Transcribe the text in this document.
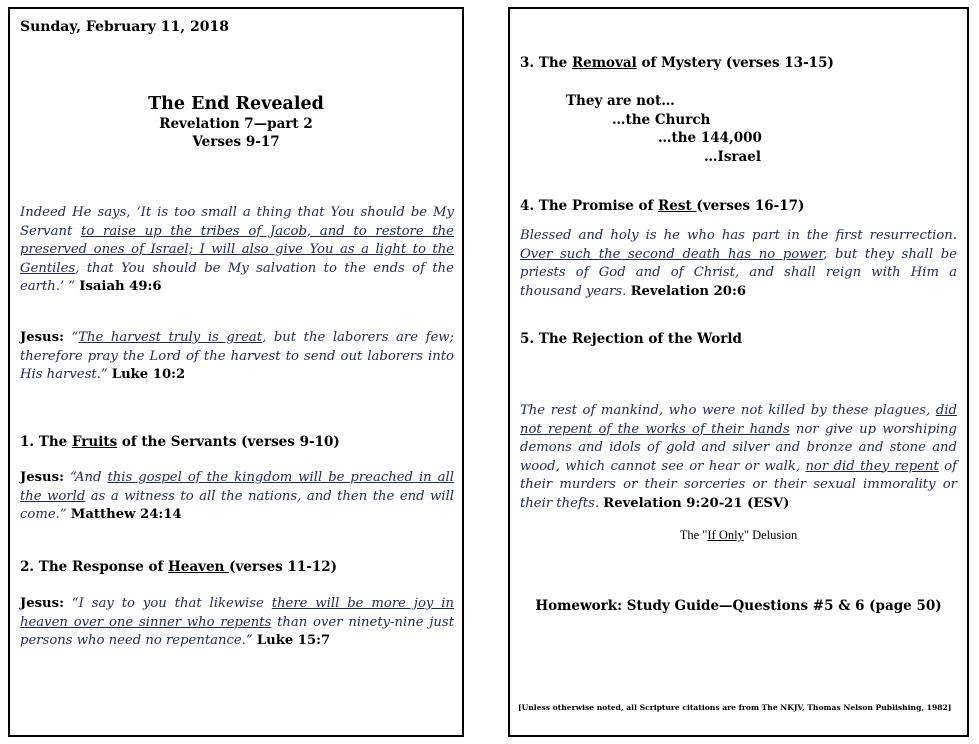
Sunday, February 11, 2018
The End Revealed
Revelation 7—part 2
Verses 9-17

Indeed He says, ‘It is too small a thing that You should be My Servant to raise up the tribes of Jacob, and to restore the preserved ones of Israel; I will also give You as a light to the Gentiles, that You should be My salvation to the ends of the earth.’ ” Isaiah 49:6

Jesus: “The harvest truly is great, but the laborers are few; therefore pray the Lord of the harvest to send out laborers into His harvest.” Luke 10:2

1. The Fruits of the Servants (verses 9-10)

Jesus: “And this gospel of the kingdom will be preached in all the world as a witness to all the nations, and then the end will come.” Matthew 24:14

2. The Response of Heaven (verses 11-12)

Jesus: “I say to you that likewise there will be more joy in heaven over one sinner who repents than over ninety-nine just persons who need no repentance.” Luke 15:7

3. The Removal of Mystery (verses 13-15)
They are not…
…the Church
…the 144,000
…Israel
4. The Promise of Rest (verses 16-17)

Blessed and holy is he who has part in the first resurrection. Over such the second death has no power, but they shall be priests of God and of Christ, and shall reign with Him a thousand years. Revelation 20:6

5. The Rejection of the World

The rest of mankind, who were not killed by these plagues, did not repent of the works of their hands nor give up worshiping demons and idols of gold and silver and bronze and stone and wood, which cannot see or hear or walk, nor did they repent of their murders or their sorceries or their sexual immorality or their thefts. Revelation 9:20-21 (ESV)

The "If Only" Delusion
Homework: Study Guide—Questions #5 & 6 (page 50)
[Unless otherwise noted, all Scripture citations are from The NKJV, Thomas Nelson Publishing, 1982]
